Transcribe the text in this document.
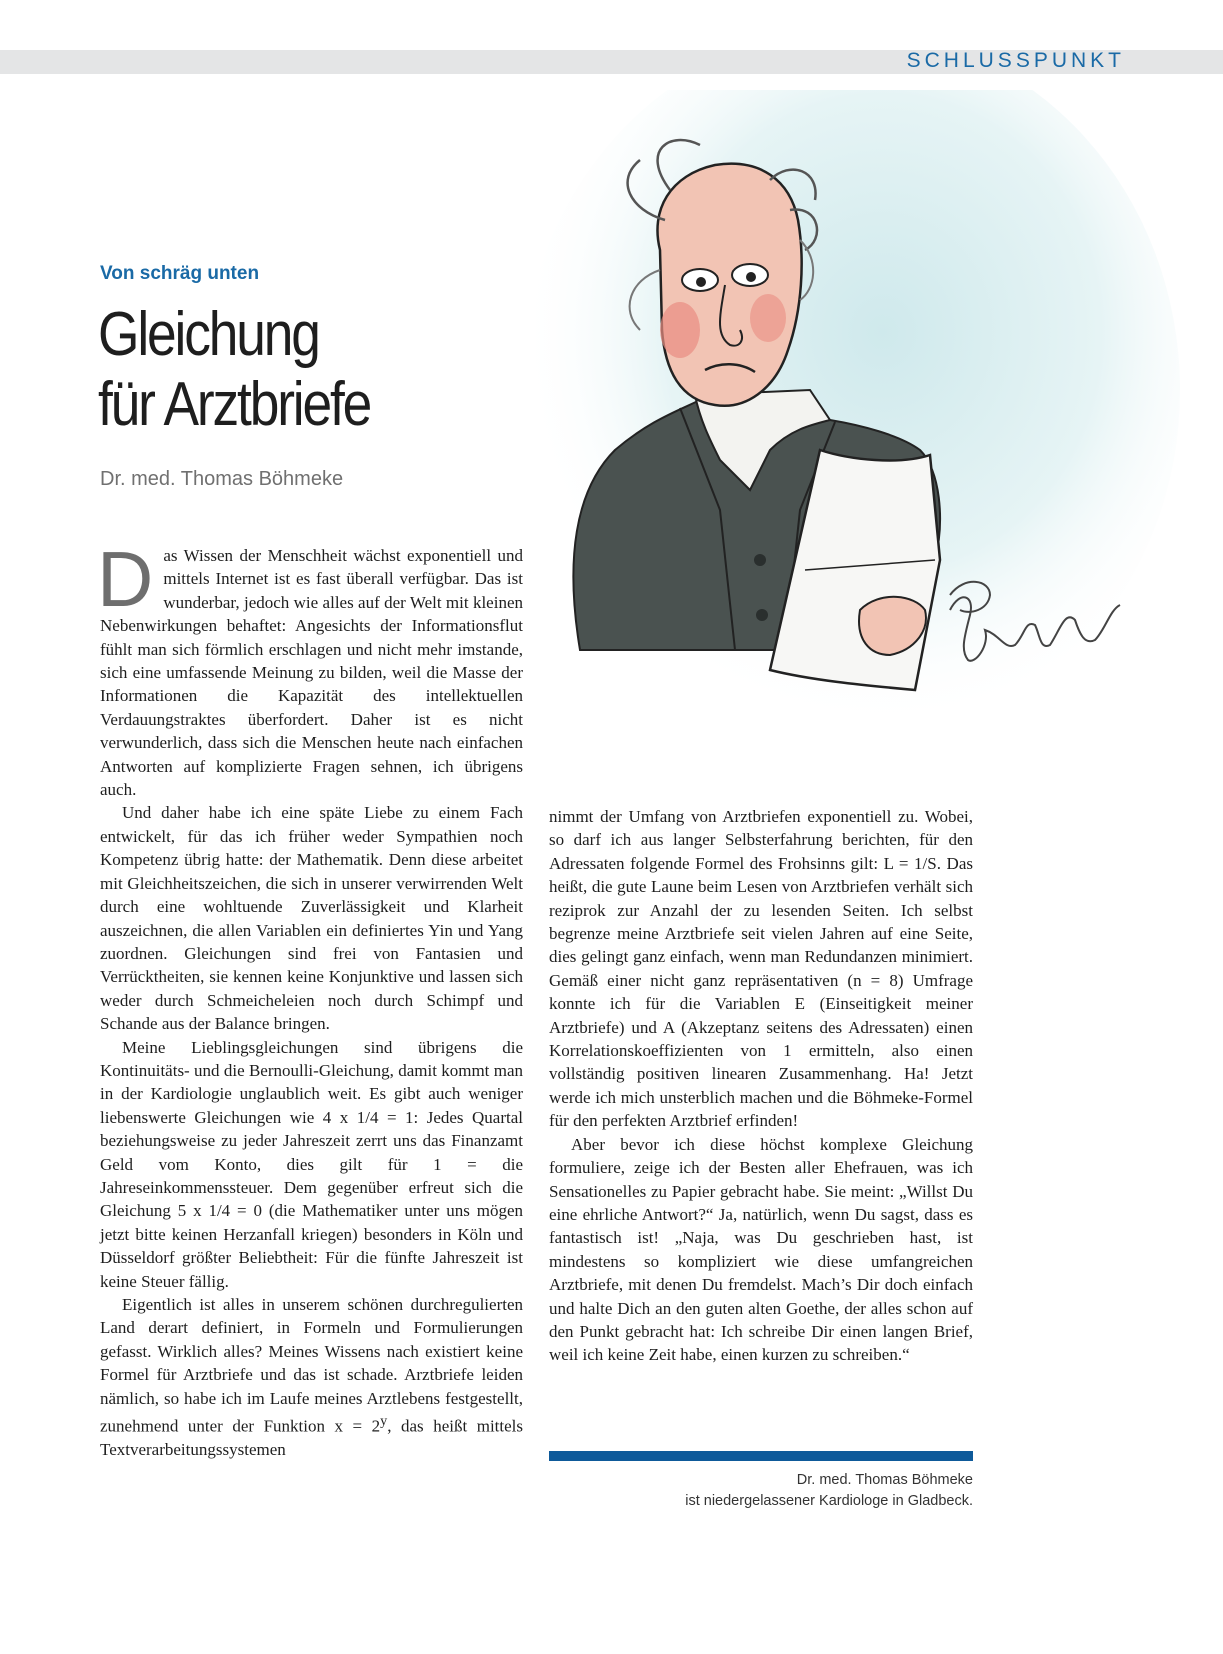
SCHLUSSPUNKT
Von schräg unten
Gleichung
für Arztbriefe
Dr. med. Thomas Böhmeke

Das Wissen der Menschheit wächst exponentiell und mittels Internet ist es fast überall verfügbar. Das ist wunderbar, jedoch wie alles auf der Welt mit kleinen Nebenwirkungen behaftet: Angesichts der Informationsflut fühlt man sich förmlich erschlagen und nicht mehr imstande, sich eine umfassende Meinung zu bilden, weil die Masse der Informationen die Kapazität des intellektuellen Verdauungstraktes überfordert. Daher ist es nicht verwunderlich, dass sich die Menschen heute nach einfachen Antworten auf komplizierte Fragen sehnen, ich übrigens auch.

Und daher habe ich eine späte Liebe zu einem Fach entwickelt, für das ich früher weder Sympathien noch Kompetenz übrig hatte: der Mathematik. Denn diese arbeitet mit Gleichheitszeichen, die sich in unserer verwirrenden Welt durch eine wohltuende Zuverlässigkeit und Klarheit auszeichnen, die allen Variablen ein definiertes Yin und Yang zuordnen. Gleichungen sind frei von Fantasien und Verrücktheiten, sie kennen keine Konjunktive und lassen sich weder durch Schmeicheleien noch durch Schimpf und Schande aus der Balance bringen.

Meine Lieblingsgleichungen sind übrigens die Kontinuitäts- und die Bernoulli-Gleichung, damit kommt man in der Kardiologie unglaublich weit. Es gibt auch weniger liebenswerte Gleichungen wie 4 x 1/4 = 1: Jedes Quartal beziehungsweise zu jeder Jahreszeit zerrt uns das Finanzamt Geld vom Konto, dies gilt für 1 = die Jahreseinkommenssteuer. Dem gegenüber erfreut sich die Gleichung 5 x 1/4 = 0 (die Mathematiker unter uns mögen jetzt bitte keinen Herzanfall kriegen) besonders in Köln und Düsseldorf größter Beliebtheit: Für die fünfte Jahreszeit ist keine Steuer fällig.

Eigentlich ist alles in unserem schönen durchregulierten Land derart definiert, in Formeln und Formulierungen gefasst. Wirklich alles? Meines Wissens nach existiert keine Formel für Arztbriefe und das ist schade. Arztbriefe leiden nämlich, so habe ich im Laufe meines Arztlebens festgestellt, zunehmend unter der Funktion $x = 2^y$, das heißt mittels Textverarbeitungssystemen

nimmt der Umfang von Arztbriefen exponentiell zu. Wobei, so darf ich aus langer Selbsterfahrung berichten, für den Adressaten folgende Formel des Frohsinns gilt: L = 1/S. Das heißt, die gute Laune beim Lesen von Arztbriefen verhält sich reziprok zur Anzahl der zu lesenden Seiten. Ich selbst begrenze meine Arztbriefe seit vielen Jahren auf eine Seite, dies gelingt ganz einfach, wenn man Redundanzen minimiert. Gemäß einer nicht ganz repräsentativen (n = 8) Umfrage konnte ich für die Variablen E (Einseitigkeit meiner Arztbriefe) und A (Akzeptanz seitens des Adressaten) einen Korrelationskoeffizienten von 1 ermitteln, also einen vollständig positiven linearen Zusammenhang. Ha! Jetzt werde ich mich unsterblich machen und die Böhmeke-Formel für den perfekten Arztbrief erfinden!

Aber bevor ich diese höchst komplexe Gleichung formuliere, zeige ich der Besten aller Ehefrauen, was ich Sensationelles zu Papier gebracht habe. Sie meint: „Willst Du eine ehrliche Antwort?“ Ja, natürlich, wenn Du sagst, dass es fantastisch ist! „Naja, was Du geschrieben hast, ist mindestens so kompliziert wie diese umfangreichen Arztbriefe, mit denen Du fremdelst. Mach’s Dir doch einfach und halte Dich an den guten alten Goethe, der alles schon auf den Punkt gebracht hat: Ich schreibe Dir einen langen Brief, weil ich keine Zeit habe, einen kurzen zu schreiben.“

Dr. med. Thomas Böhmeke
ist niedergelassener Kardiologe in Gladbeck.
